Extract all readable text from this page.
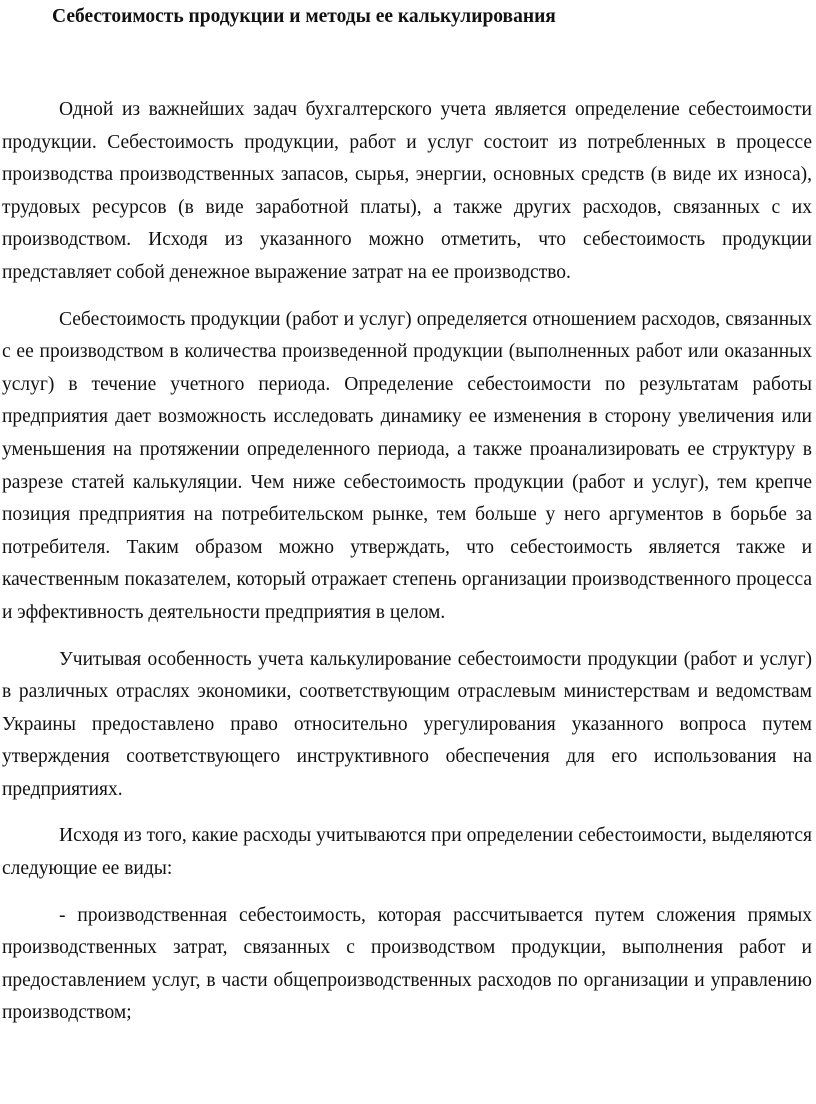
Себестоимость продукции и методы ее калькулирования

Одной из важнейших задач бухгалтерского учета является определение себестоимости продукции. Себестоимость продукции, работ и услуг состоит из потребленных в процессе производства производственных запасов, сырья, энергии, основных средств (в виде их износа), трудовых ресурсов (в виде заработной платы), а также других расходов, связанных с их производством. Исходя из указанного можно отметить, что себестоимость продукции представляет собой денежное выражение затрат на ее производство.

Себестоимость продукции (работ и услуг) определяется отношением расходов, связанных с ее производством в количества произведенной продукции (выполненных работ или оказанных услуг) в течение учетного периода. Определение себестоимости по результатам работы предприятия дает возможность исследовать динамику ее изменения в сторону увеличения или уменьшения на протяжении определенного периода, а также проанализировать ее структуру в разрезе статей калькуляции. Чем ниже себестоимость продукции (работ и услуг), тем крепче позиция предприятия на потребительском рынке, тем больше у него аргументов в борьбе за потребителя. Таким образом можно утверждать, что себестоимость является также и качественным показателем, который отражает степень организации производственного процесса и эффективность деятельности предприятия в целом.

Учитывая особенность учета калькулирование себестоимости продукции (работ и услуг) в различных отраслях экономики, соответствующим отраслевым министерствам и ведомствам Украины предоставлено право относительно урегулирования указанного вопроса путем утверждения соответствующего инструктивного обеспечения для его использования на предприятиях.

Исходя из того, какие расходы учитываются при определении себестоимости, выделяются следующие ее виды:

- производственная себестоимость, которая рассчитывается путем сложения прямых производственных затрат, связанных с производством продукции, выполнения работ и предоставлением услуг, в части общепроизводственных расходов по организации и управлению производством;
